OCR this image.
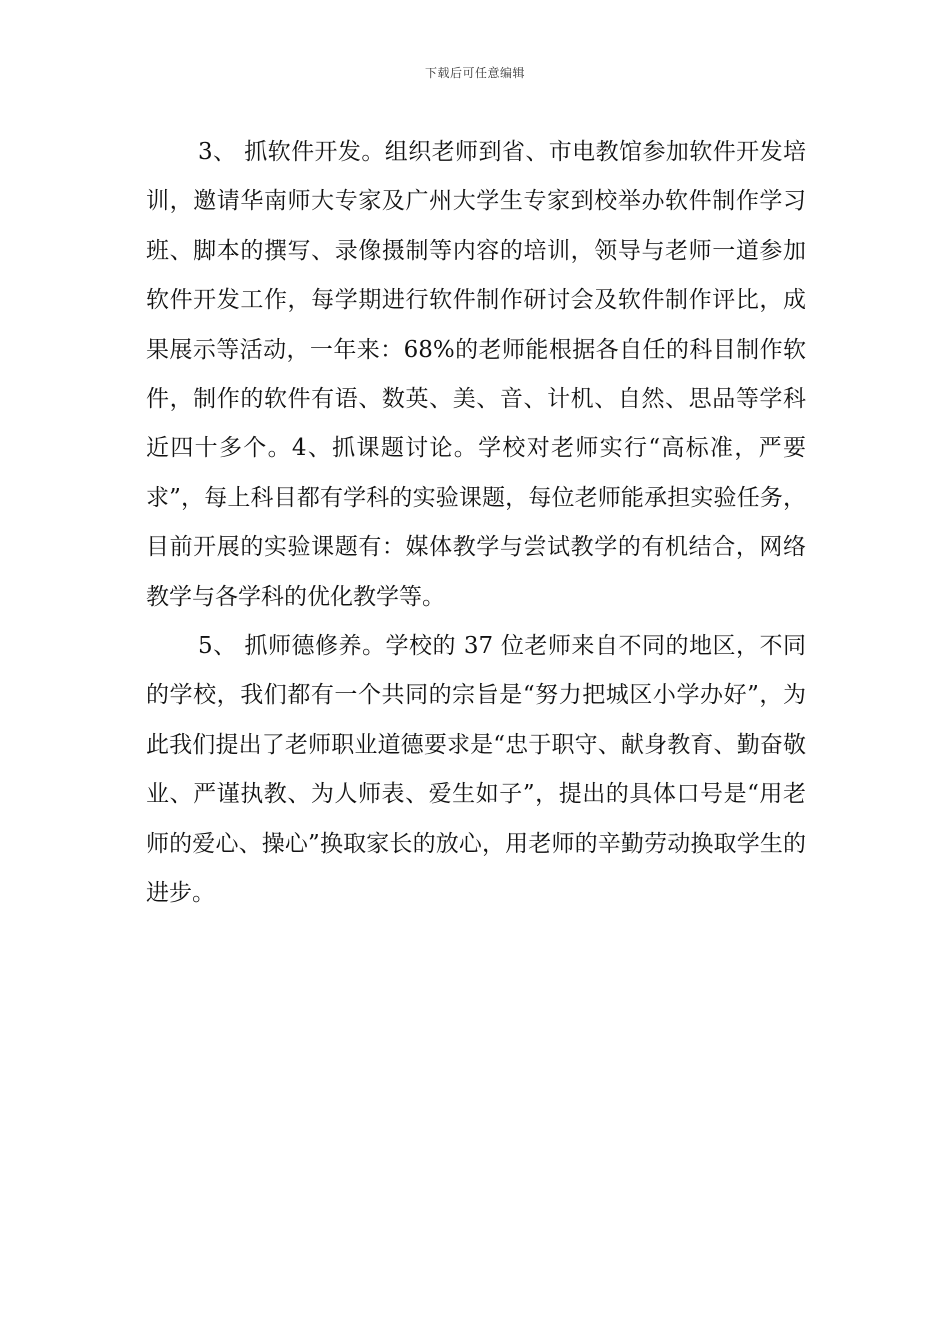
下载后可任意编辑

3、 抓软件开发。组织老师到省、市电教馆参加软件开发培训，邀请华南师大专家及广州大学生专家到校举办软件制作学习班、脚本的撰写、录像摄制等内容的培训，领导与老师一道参加软件开发工作，每学期进行软件制作研讨会及软件制作评比，成果展示等活动，一年来：68%的老师能根据各自任的科目制作软件，制作的软件有语、数英、美、音、计机、自然、思品等学科近四十多个。4、抓课题讨论。学校对老师实行“高标准，严要求”，每上科目都有学科的实验课题，每位老师能承担实验任务，目前开展的实验课题有：媒体教学与尝试教学的有机结合，网络教学与各学科的优化教学等。

5、 抓师德修养。学校的 37 位老师来自不同的地区，不同的学校，我们都有一个共同的宗旨是“努力把城区小学办好”，为此我们提出了老师职业道德要求是“忠于职守、献身教育、勤奋敬业、严谨执教、为人师表、爱生如子”，提出的具体口号是“用老师的爱心、操心”换取家长的放心，用老师的辛勤劳动换取学生的进步。
